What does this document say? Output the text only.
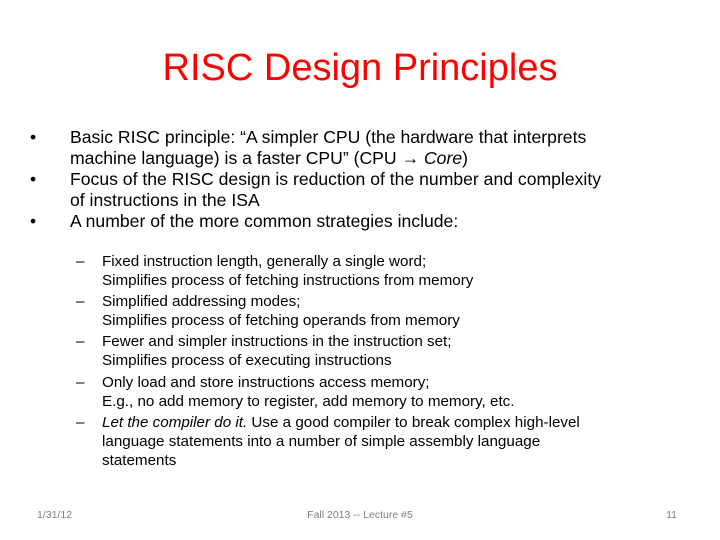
RISC Design Principles
•	Basic RISC principle: “A simpler CPU (the hardware that interprets
machine language) is a faster CPU” (CPU → Core)
•	Focus of the RISC design is reduction of the number and complexity
of instructions in the ISA
•	A number of the more common strategies include:
– Fixed instruction length, generally a single word;
Simplifies process of fetching instructions from memory
– Simplified addressing modes;
Simplifies process of fetching operands from memory
– Fewer and simpler instructions in the instruction set;
Simplifies process of executing instructions
– Only load and store instructions access memory;
E.g., no add memory to register, add memory to memory, etc.
– Let the compiler do it. Use a good compiler to break complex high-level
language statements into a number of simple assembly language
statements
1/31/12	Fall 2013 -- Lecture #5	11
